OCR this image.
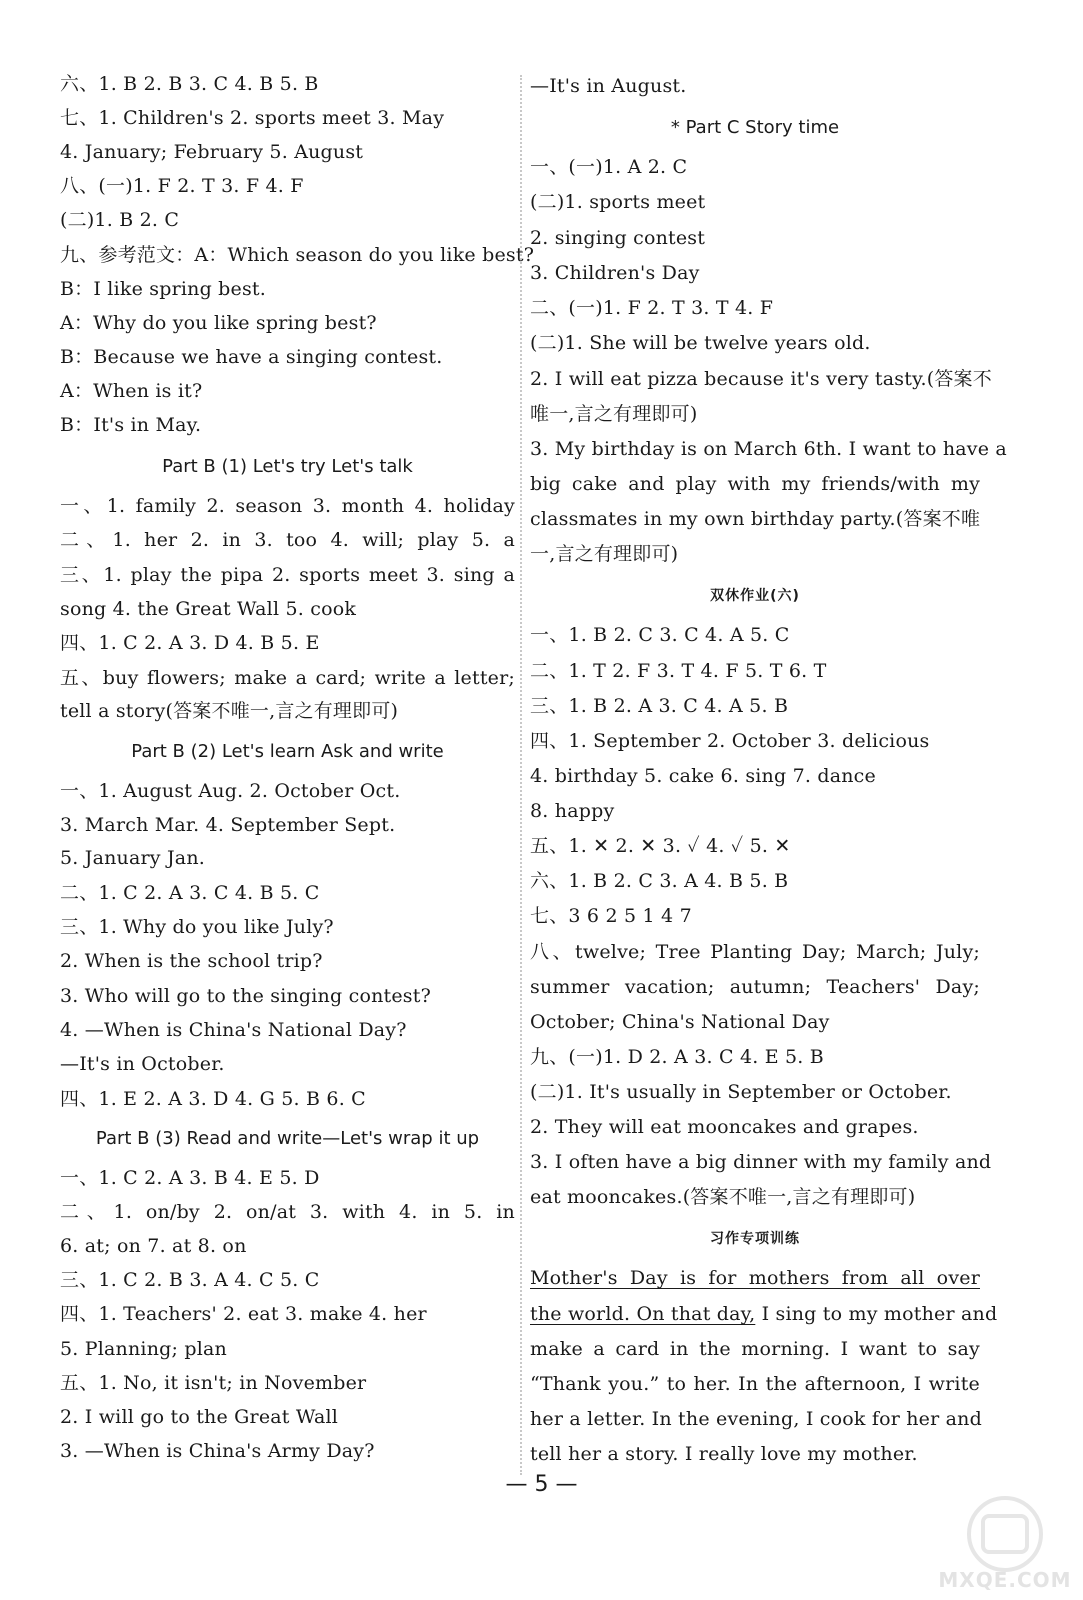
六、1. B 2. B 3. C 4. B 5. B
七、1. Children's 2. sports meet 3. May
4. January; February 5. August
八、(一)1. F 2. T 3. F 4. F
(二)1. B 2. C
九、参考范文：A：Which season do you like best?
B：I like spring best.
A：Why do you like spring best?
B：Because we have a singing contest.
A：When is it?
B：It's in May.
Part B (1) Let's try Let's talk
一、1. family 2. season 3. month 4. holiday
二、1. her 2. in 3. too 4. will; play 5. a
三、1. play the pipa 2. sports meet 3. sing a
song 4. the Great Wall 5. cook
四、1. C 2. A 3. D 4. B 5. E
五、buy flowers; make a card; write a letter;
tell a story(答案不唯一,言之有理即可)
Part B (2) Let's learn Ask and write
一、1. August Aug. 2. October Oct.
3. March Mar. 4. September Sept.
5. January Jan.
二、1. C 2. A 3. C 4. B 5. C
三、1. Why do you like July?
2. When is the school trip?
3. Who will go to the singing contest?
4. —When is China's National Day?
—It's in October.
四、1. E 2. A 3. D 4. G 5. B 6. C
Part B (3) Read and write—Let's wrap it up
一、1. C 2. A 3. B 4. E 5. D
二、1. on/by 2. on/at 3. with 4. in 5. in
6. at; on 7. at 8. on
三、1. C 2. B 3. A 4. C 5. C
四、1. Teachers' 2. eat 3. make 4. her
5. Planning; plan
五、1. No, it isn't; in November
2. I will go to the Great Wall
3. —When is China's Army Day?
—It's in August.
* Part C Story time
一、(一)1. A 2. C
(二)1. sports meet
2. singing contest
3. Children's Day
二、(一)1. F 2. T 3. T 4. F
(二)1. She will be twelve years old.
2. I will eat pizza because it's very tasty.(答案不
唯一,言之有理即可)
3. My birthday is on March 6th. I want to have a
big cake and play with my friends/with my
classmates in my own birthday party.(答案不唯
一,言之有理即可)
双休作业(六)
一、1. B 2. C 3. C 4. A 5. C
二、1. T 2. F 3. T 4. F 5. T 6. T
三、1. B 2. A 3. C 4. A 5. B
四、1. September 2. October 3. delicious
4. birthday 5. cake 6. sing 7. dance
8. happy
五、1. ✕ 2. ✕ 3. ✓ 4. ✓ 5. ✕
六、1. B 2. C 3. A 4. B 5. B
七、3 6 2 5 1 4 7
八、twelve; Tree Planting Day; March; July;
summer vacation; autumn; Teachers' Day;
October; China's National Day
九、(一)1. D 2. A 3. C 4. E 5. B
(二)1. It's usually in September or October.
2. They will eat mooncakes and grapes.
3. I often have a big dinner with my family and
eat mooncakes.(答案不唯一,言之有理即可)
习作专项训练
Mother's Day is for mothers from all over
the world. On that day, I sing to my mother and
make a card in the morning. I want to say
“Thank you.” to her. In the afternoon, I write
her a letter. In the evening, I cook for her and
tell her a story. I really love my mother.
— 5 —
MXQE.COM
